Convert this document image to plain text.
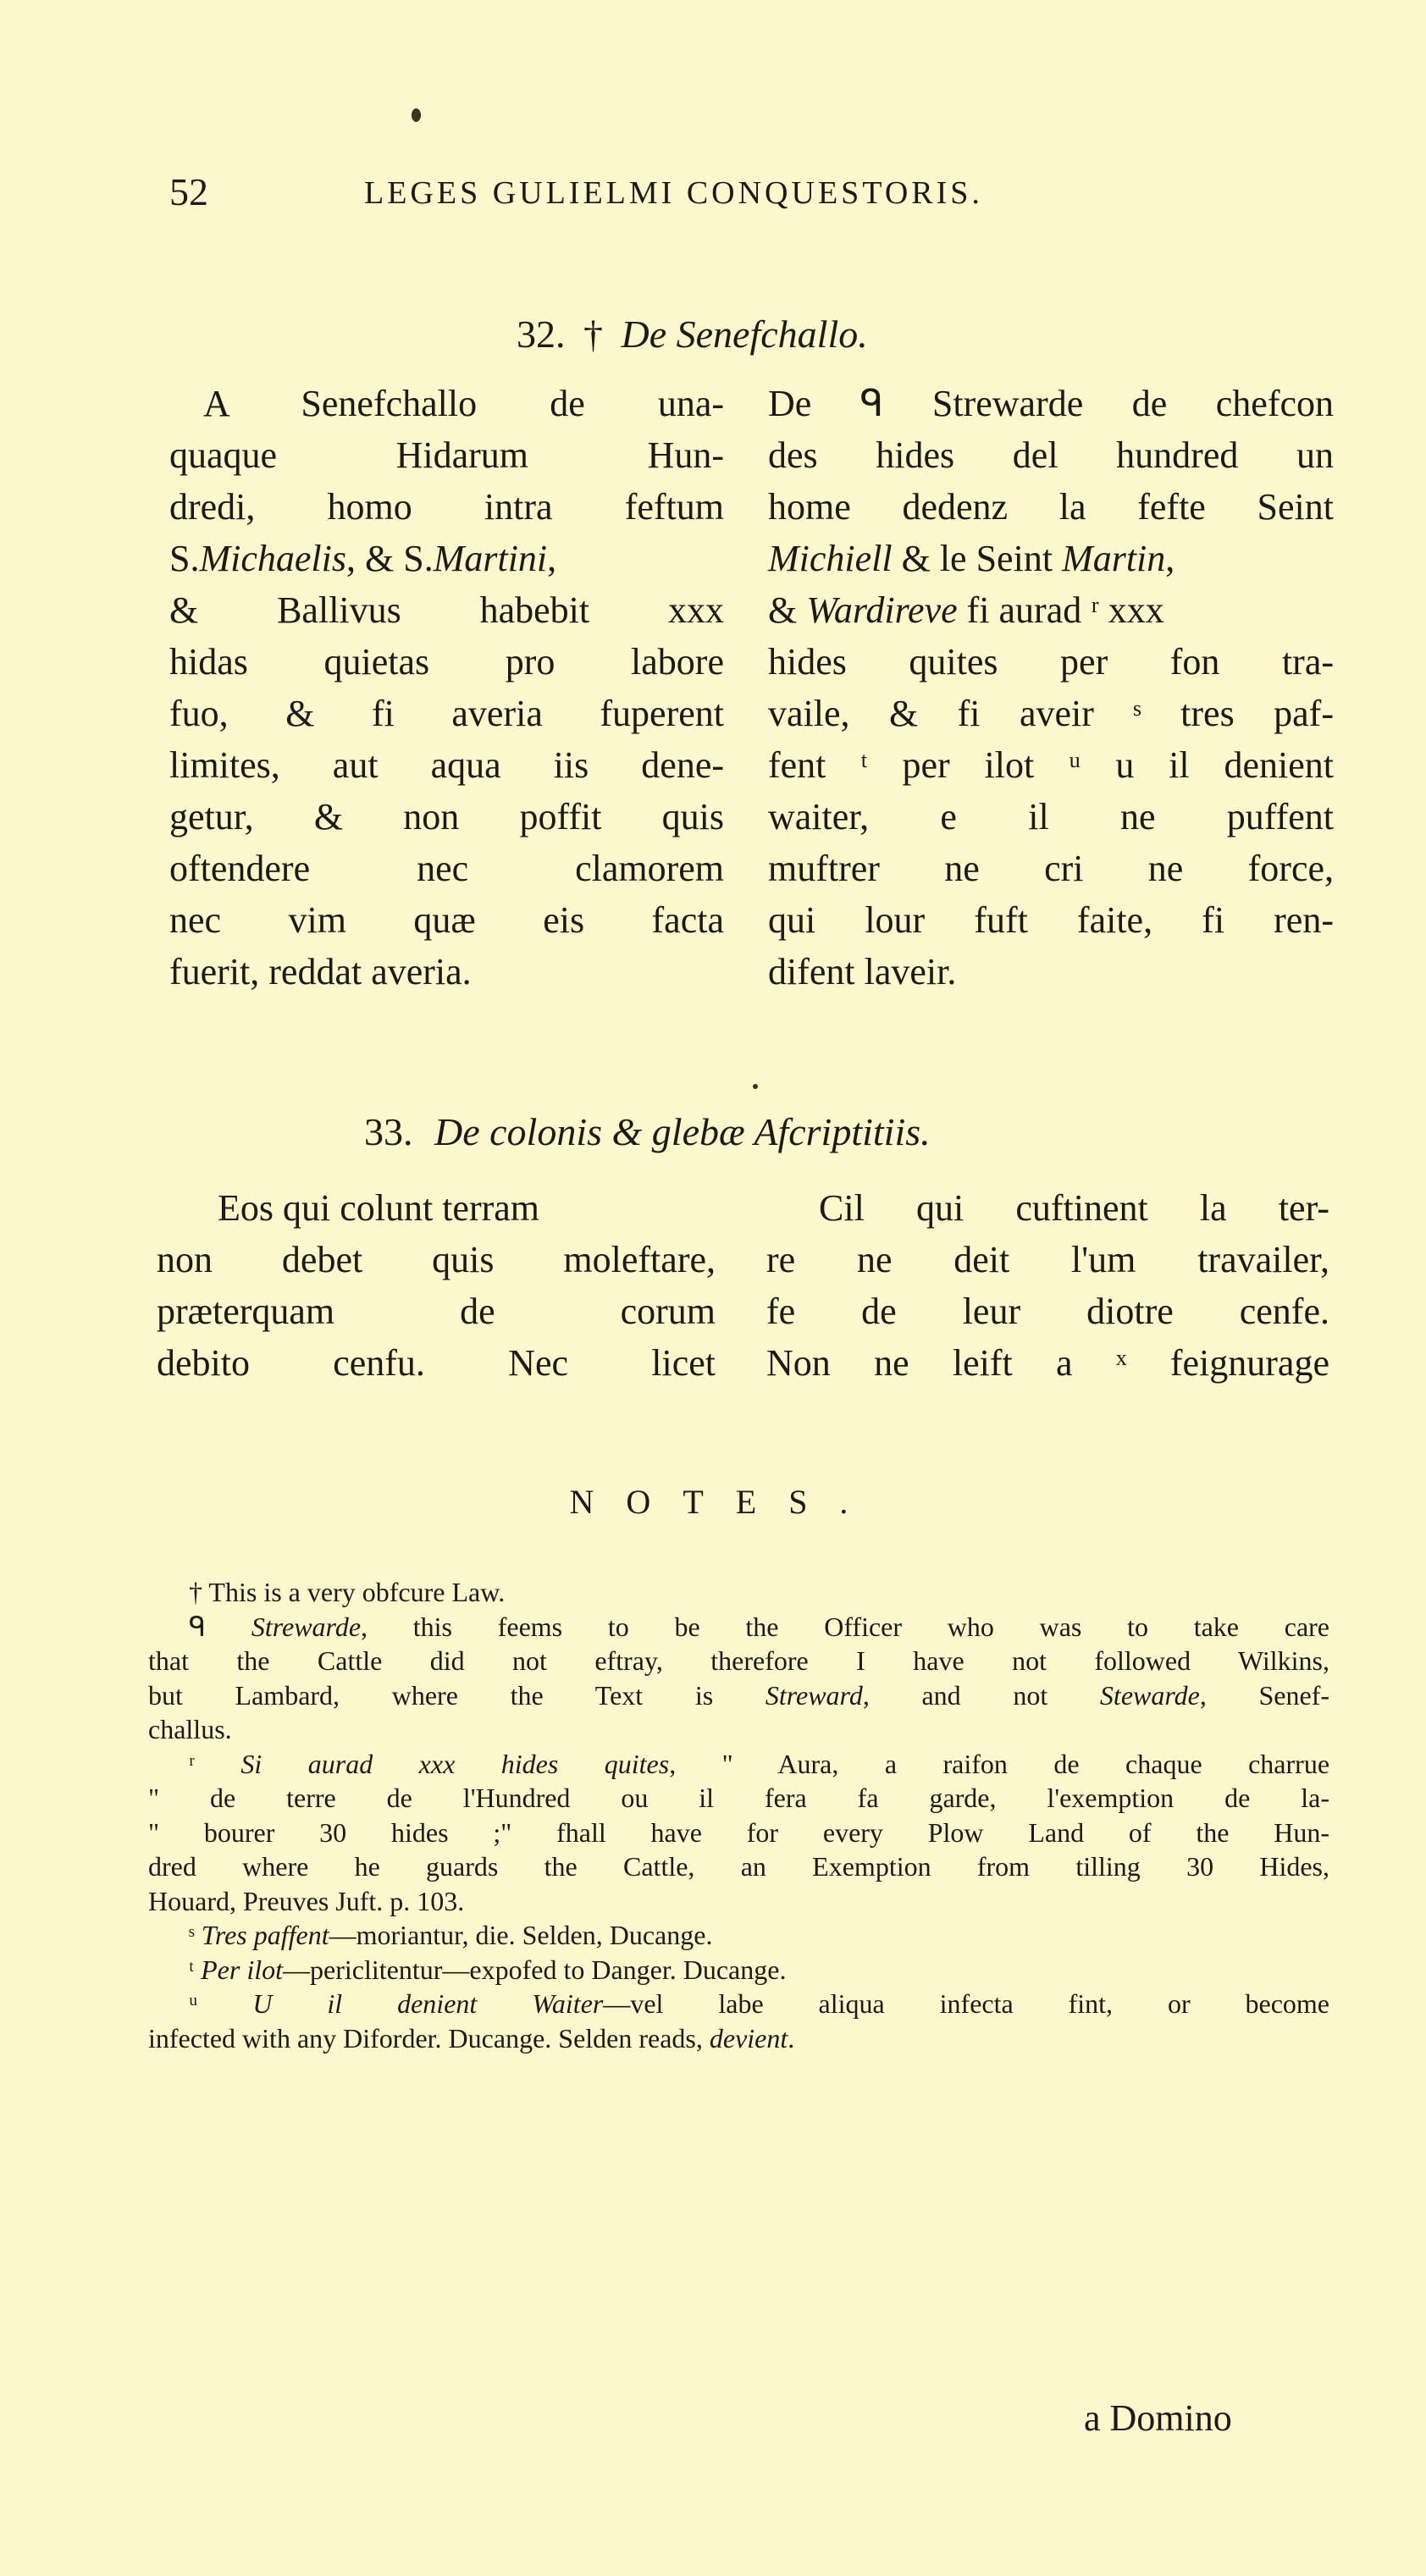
52	LEGES GULIELMI CONQUESTORIS.
32. † De Senefchallo.
A Senefchallo de una-
quaque Hidarum Hun-
dredi, homo intra feftum
S.Michaelis, & S.Martini,
& Ballivus habebit xxx
hidas quietas pro labore
fuo, & fi averia fuperent
limites, aut aqua iis dene-
getur, & non poffit quis
oftendere nec clamorem
nec vim quæ eis facta
fuerit, reddat averia.
De ᑫ Strewarde de chefcon
des hides del hundred un
home dedenz la fefte Seint
Michiell & le Seint Martin,
& Wardireve fi aurad ʳ xxx
hides quites per fon tra-
vaile, & fi aveir ˢ tres paf-
fent ᵗ per ilot ᵘ u il denient
waiter, e il ne puffent
muftrer ne cri ne force,
qui lour fuft faite, fi ren-
difent laveir.
33. De colonis & glebæ Afcriptitiis.
Eos qui colunt terram
non debet quis moleftare,
præterquam de corum
debito cenfu. Nec licet
Cil qui cuftinent la ter-
re ne deit l'um travailer,
fe de leur diotre cenfe.
Non ne leift a ˣ feignurage
NOTES.
† This is a very obfcure Law.
ᑫ Strewarde, this feems to be the Officer who was to take care
that the Cattle did not eftray, therefore I have not followed Wilkins,
but Lambard, where the Text is Streward, and not Stewarde, Senef-
challus.
ʳ Si aurad xxx hides quites, " Aura, a raifon de chaque charrue
" de terre de l'Hundred ou il fera fa garde, l'exemption de la-
" bourer 30 hides ;" fhall have for every Plow Land of the Hun-
dred where he guards the Cattle, an Exemption from tilling 30 Hides,
Houard, Preuves Juft. p. 103.
ˢ Tres paffent—moriantur, die. Selden, Ducange.
ᵗ Per ilot—periclitentur—expofed to Danger. Ducange.
ᵘ U il denient Waiter—vel labe aliqua infecta fint, or become
infected with any Diforder. Ducange. Selden reads, devient.
a Domino
